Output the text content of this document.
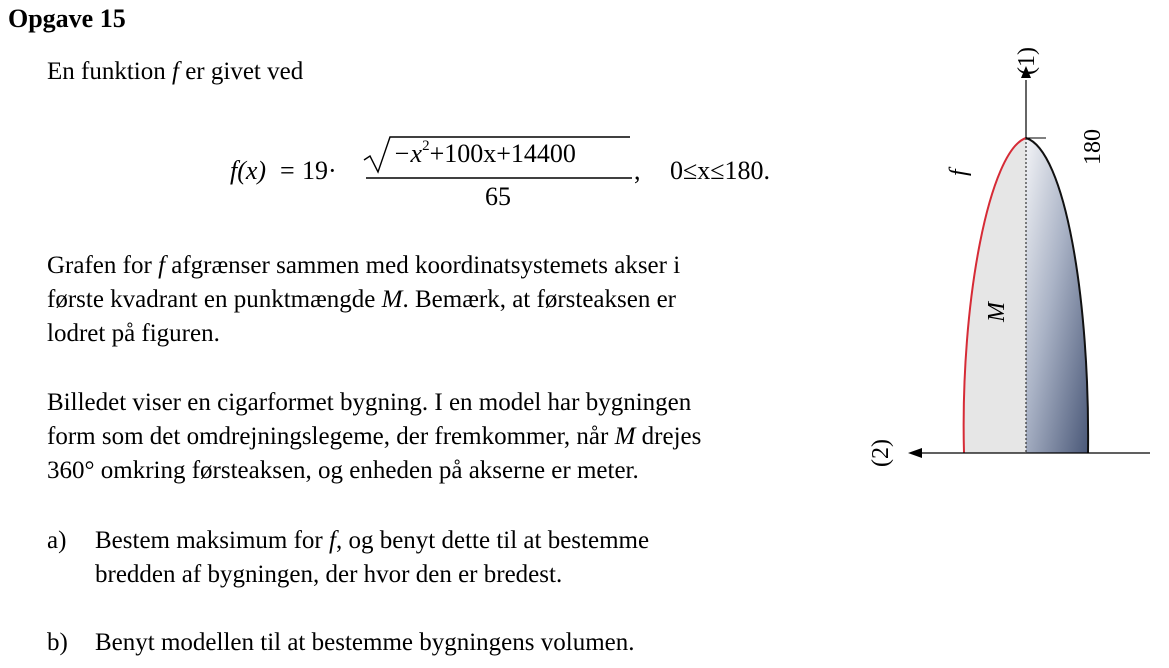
Opgave 15
En funktion f er givet ved
f(x) = 19·
$-x^2+100x+14400$
65
, 0≤x≤180.
Grafen for f afgrænser sammen med koordinatsystemets akser i
første kvadrant en punktmængde M. Bemærk, at førsteaksen er
lodret på figuren.
Billedet viser en cigarformet bygning. I en model har bygningen
form som det omdrejningslegeme, der fremkommer, når M drejes
360° omkring førsteaksen, og enheden på akserne er meter.
a) Bestem maksimum for f, og benyt dette til at bestemme
bredden af bygningen, der hvor den er bredest.
b) Benyt modellen til at bestemme bygningens volumen.
(1)
(2)
180
f
M
